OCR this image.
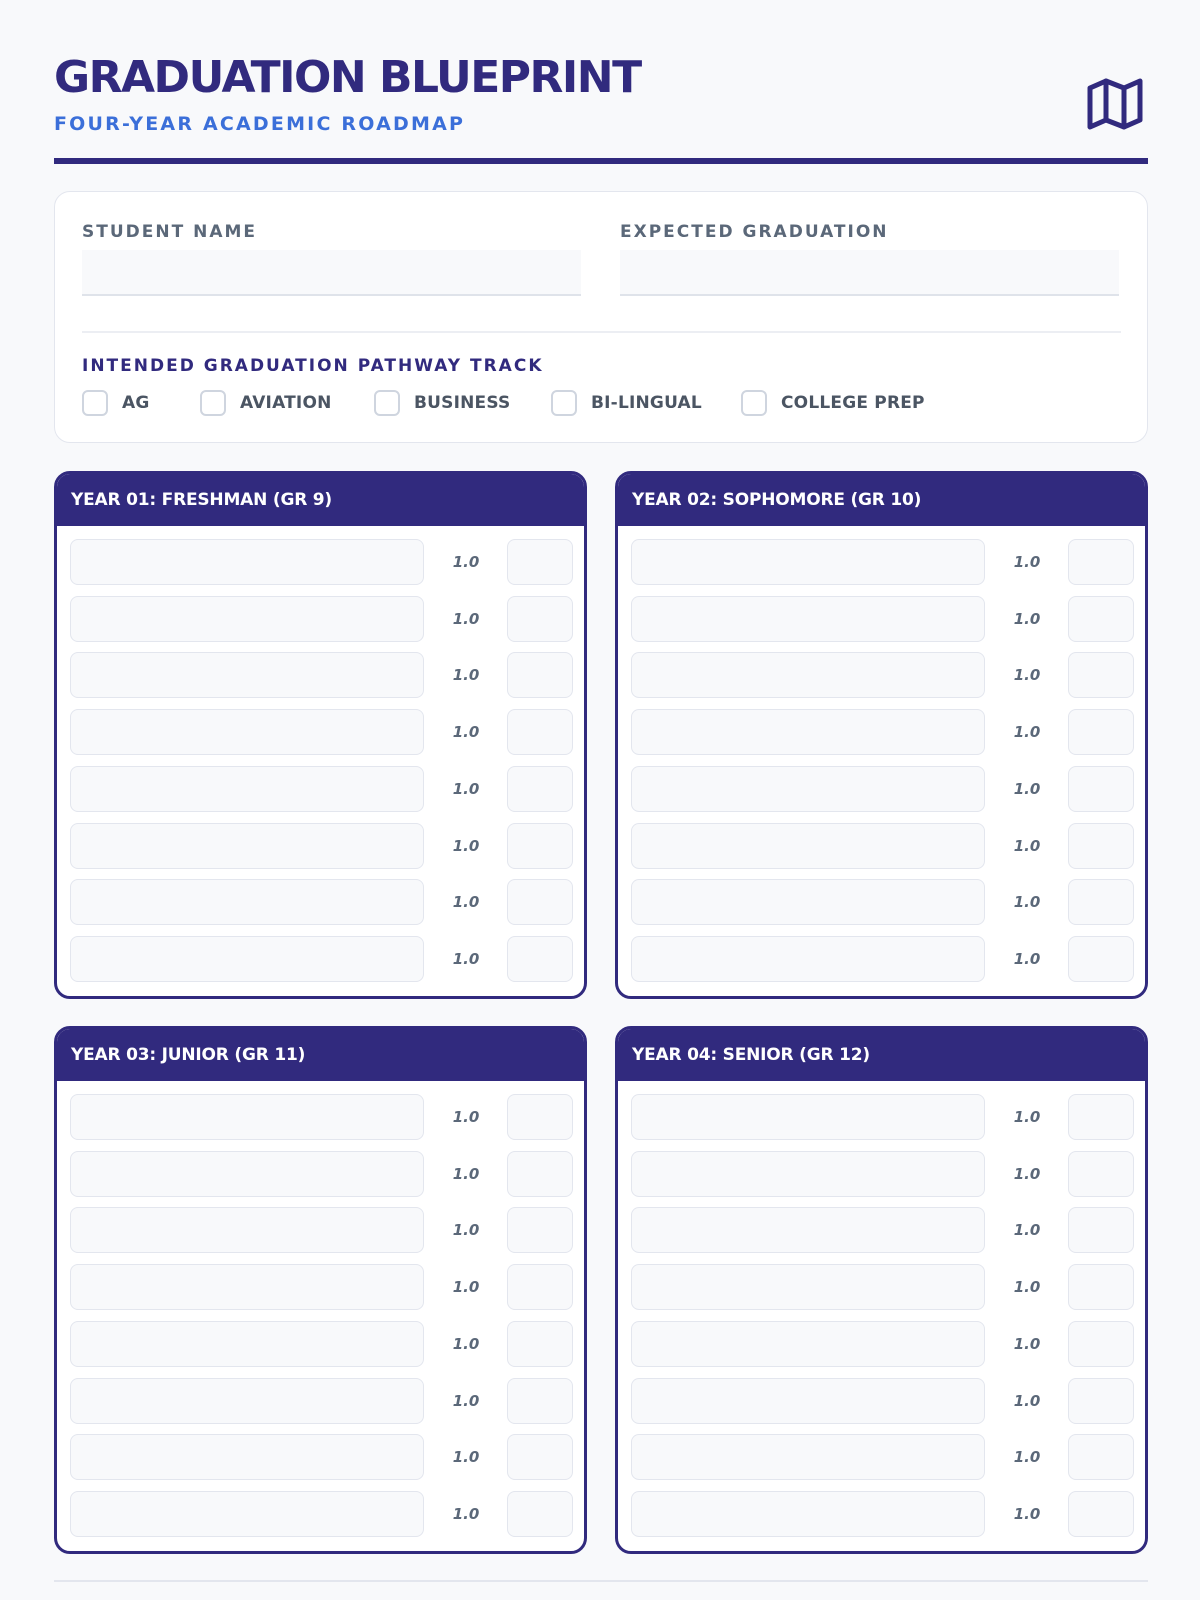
GRADUATION BLUEPRINT
FOUR-YEAR ACADEMIC ROADMAP
STUDENT NAME	EXPECTED GRADUATION
INTENDED GRADUATION PATHWAY TRACK
AG	AVIATION	BUSINESS	BI-LINGUAL	COLLEGE PREP
YEAR 01: FRESHMAN (GR 9)
1.0
1.0
1.0
1.0
1.0
1.0
1.0
1.0
YEAR 02: SOPHOMORE (GR 10)
1.0
1.0
1.0
1.0
1.0
1.0
1.0
1.0
YEAR 03: JUNIOR (GR 11)
1.0
1.0
1.0
1.0
1.0
1.0
1.0
1.0
YEAR 04: SENIOR (GR 12)
1.0
1.0
1.0
1.0
1.0
1.0
1.0
1.0
